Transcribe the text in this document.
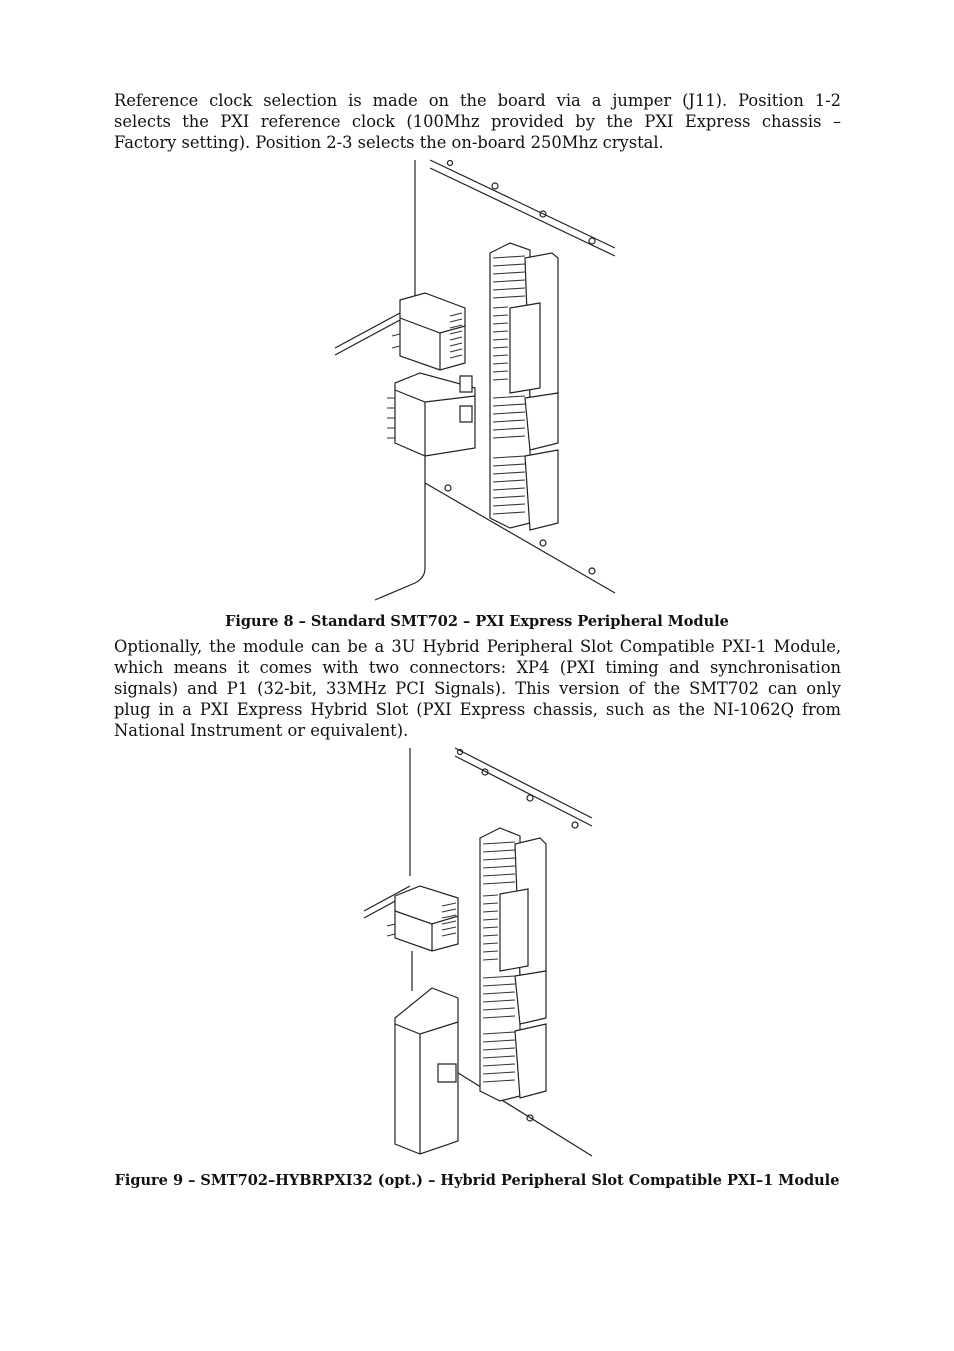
Reference clock selection is made on the board via a jumper (J11). Position 1-2
selects the PXI reference clock (100Mhz provided by the PXI Express chassis –
Factory setting). Position 2-3 selects the on-board 250Mhz crystal.
Figure 8 – Standard SMT702 – PXI Express Peripheral Module
Optionally, the module can be a 3U Hybrid Peripheral Slot Compatible PXI-1 Module,
which means it comes with two connectors: XP4 (PXI timing and synchronisation
signals) and P1 (32-bit, 33MHz PCI Signals). This version of the SMT702 can only
plug in a PXI Express Hybrid Slot (PXI Express chassis, such as the NI-1062Q from
National Instrument or equivalent).
Figure 9 – SMT702–HYBRPXI32 (opt.) – Hybrid Peripheral Slot Compatible PXI–1 Module
